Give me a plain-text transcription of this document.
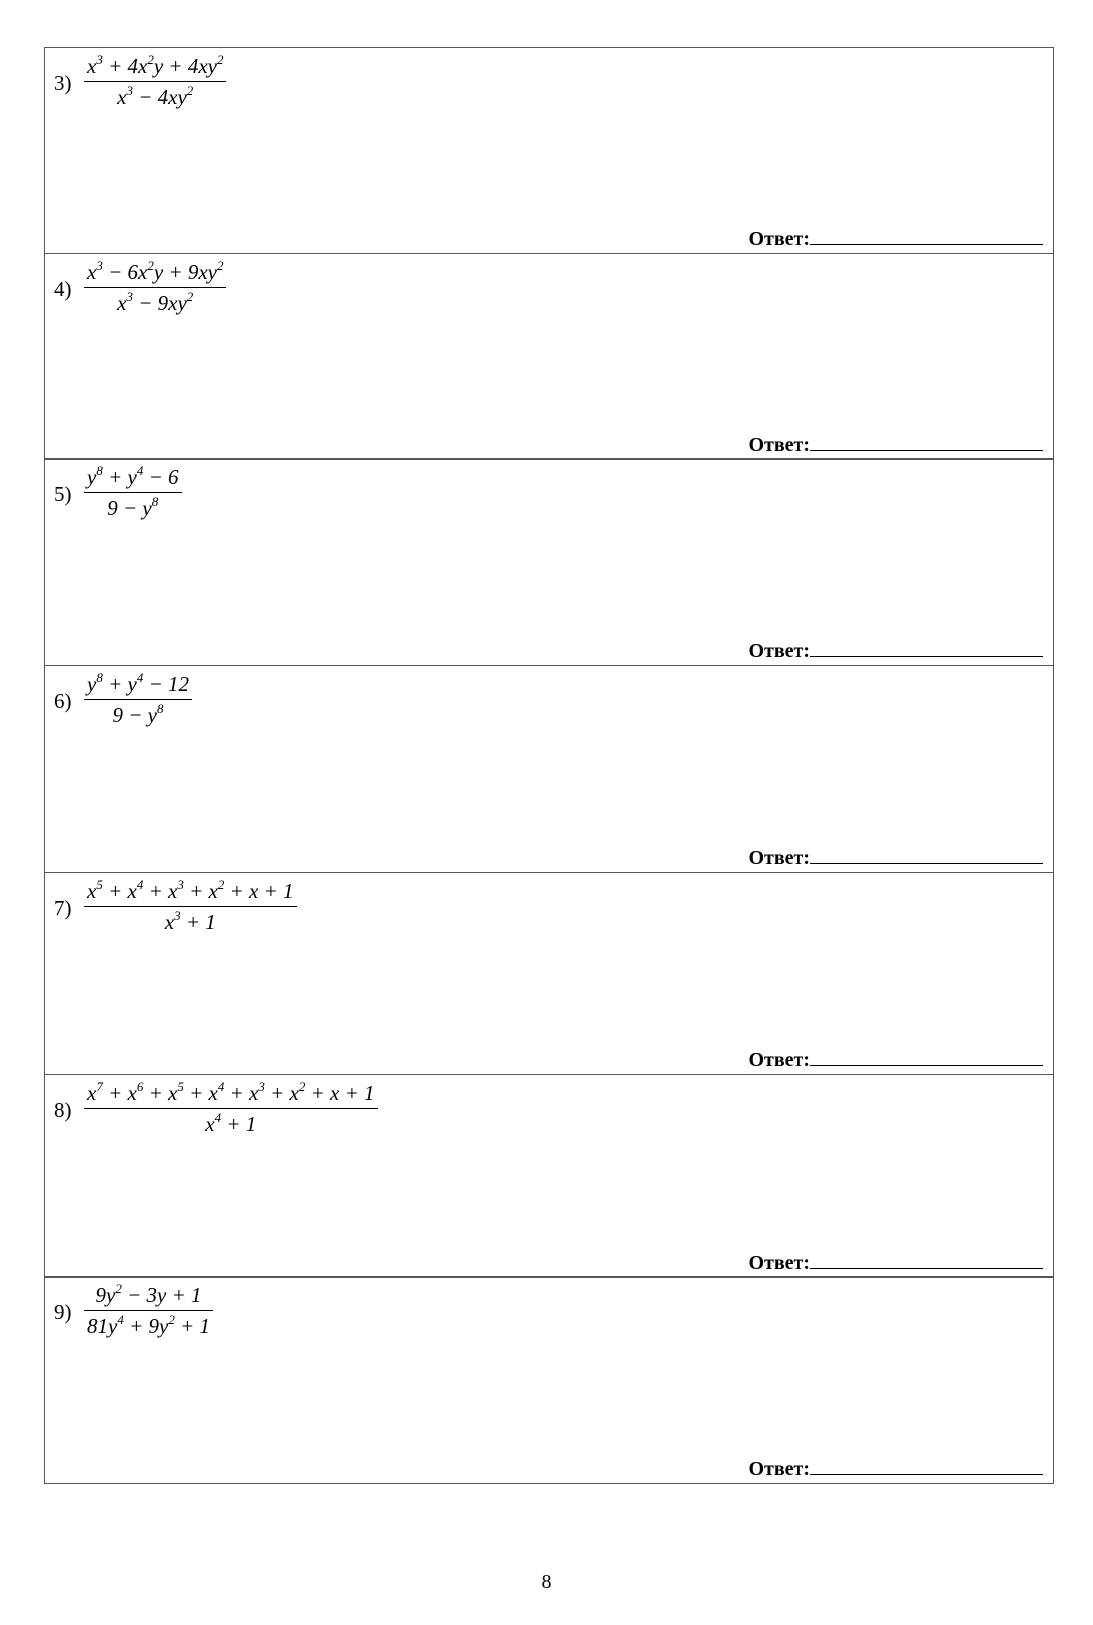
$3) \frac{x^3 + 4x^2y + 4xy^2}{x^3 - 4xy^2}$
Ответ:
$4) \frac{x^3 - 6x^2y + 9xy^2}{x^3 - 9xy^2}$
Ответ:
$5) \frac{y^8 + y^4 - 6}{9 - y^8}$
Ответ:
$6) \frac{y^8 + y^4 - 12}{9 - y^8}$
Ответ:
$7) \frac{x^5 + x^4 + x^3 + x^2 + x + 1}{x^3 + 1}$
Ответ:
$8) \frac{x^7 + x^6 + x^5 + x^4 + x^3 + x^2 + x + 1}{x^4 + 1}$
Ответ:
$9) \frac{9y^2 - 3y + 1}{81y^4 + 9y^2 + 1}$
Ответ:
8
